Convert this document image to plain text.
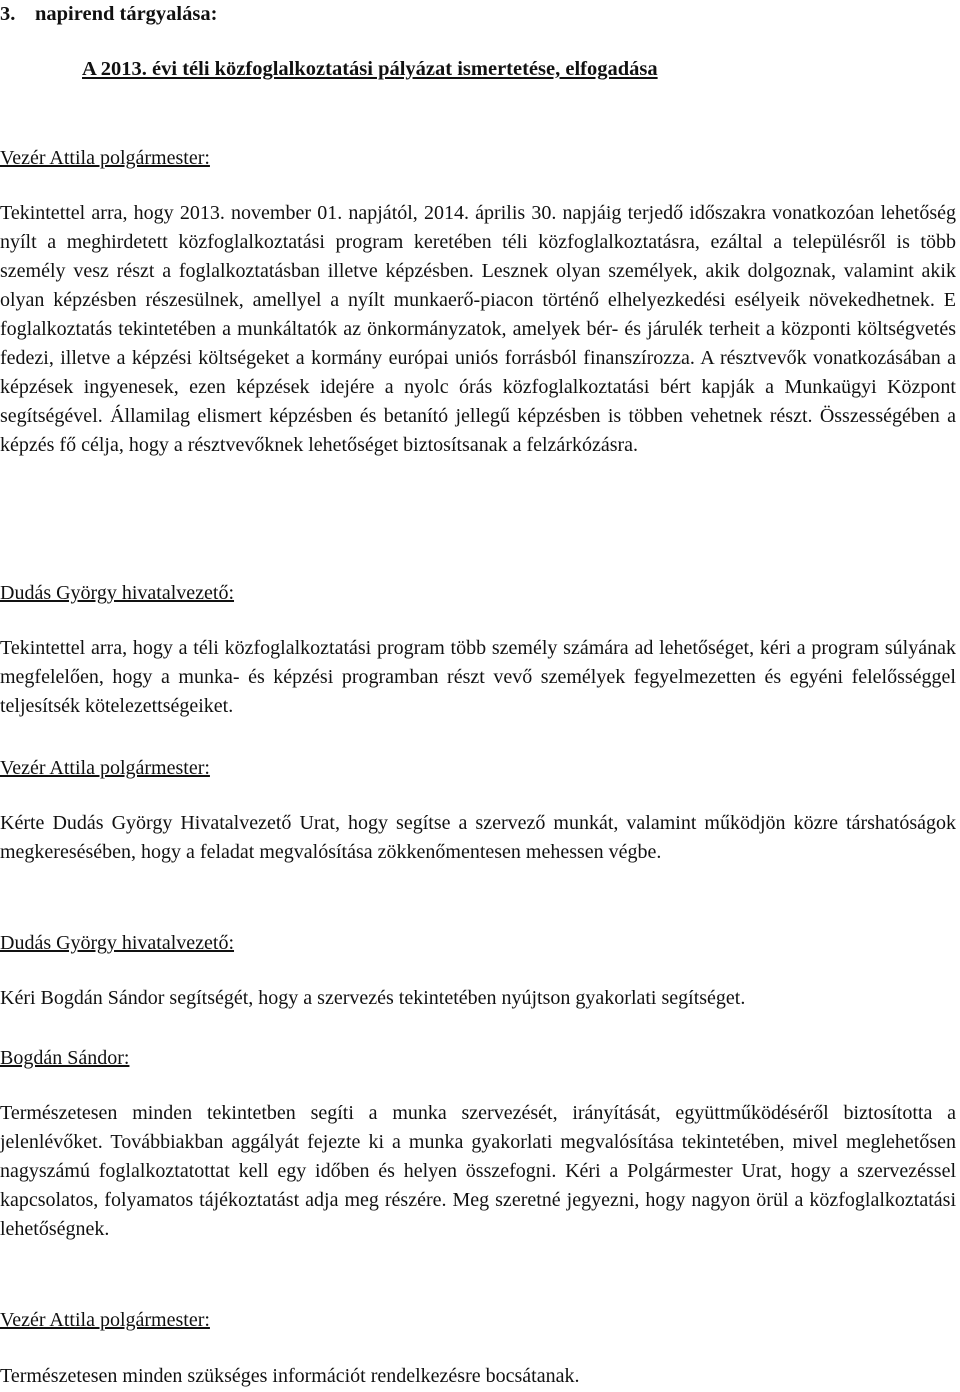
3. napirend tárgyalása:
A 2013. évi téli közfoglalkoztatási pályázat ismertetése, elfogadása

Vezér Attila polgármester:

Tekintettel arra, hogy 2013. november 01. napjától, 2014. április 30. napjáig terjedő időszakra vonatkozóan lehetőség nyílt a meghirdetett közfoglalkoztatási program keretében téli közfoglalkoztatásra, ezáltal a településről is több személy vesz részt a foglalkoztatásban illetve képzésben. Lesznek olyan személyek, akik dolgoznak, valamint akik olyan képzésben részesülnek, amellyel a nyílt munkaerő-piacon történő elhelyezkedési esélyeik növekedhetnek. E foglalkoztatás tekintetében a munkáltatók az önkormányzatok, amelyek bér- és járulék terheit a központi költségvetés fedezi, illetve a képzési költségeket a kormány európai uniós forrásból finanszírozza. A résztvevők vonatkozásában a képzések ingyenesek, ezen képzések idejére a nyolc órás közfoglalkoztatási bért kapják a Munkaügyi Központ segítségével. Államilag elismert képzésben és betanító jellegű képzésben is többen vehetnek részt. Összességében a képzés fő célja, hogy a résztvevőknek lehetőséget biztosítsanak a felzárkózásra.

Dudás György hivatalvezető:

Tekintettel arra, hogy a téli közfoglalkoztatási program több személy számára ad lehetőséget, kéri a program súlyának megfelelően, hogy a munka- és képzési programban részt vevő személyek fegyelmezetten és egyéni felelősséggel teljesítsék kötelezettségeiket.

Vezér Attila polgármester:

Kérte Dudás György Hivatalvezető Urat, hogy segítse a szervező munkát, valamint működjön közre társhatóságok megkeresésében, hogy a feladat megvalósítása zökkenőmentesen mehessen végbe.

Dudás György hivatalvezető:

Kéri Bogdán Sándor segítségét, hogy a szervezés tekintetében nyújtson gyakorlati segítséget.

Bogdán Sándor:

Természetesen minden tekintetben segíti a munka szervezését, irányítását, együttműködéséről biztosította a jelenlévőket. Továbbiakban aggályát fejezte ki a munka gyakorlati megvalósítása tekintetében, mivel meglehetősen nagyszámú foglalkoztatottat kell egy időben és helyen összefogni. Kéri a Polgármester Urat, hogy a szervezéssel kapcsolatos, folyamatos tájékoztatást adja meg részére. Meg szeretné jegyezni, hogy nagyon örül a közfoglalkoztatási lehetőségnek.

Vezér Attila polgármester:

Természetesen minden szükséges információt rendelkezésre bocsátanak.
